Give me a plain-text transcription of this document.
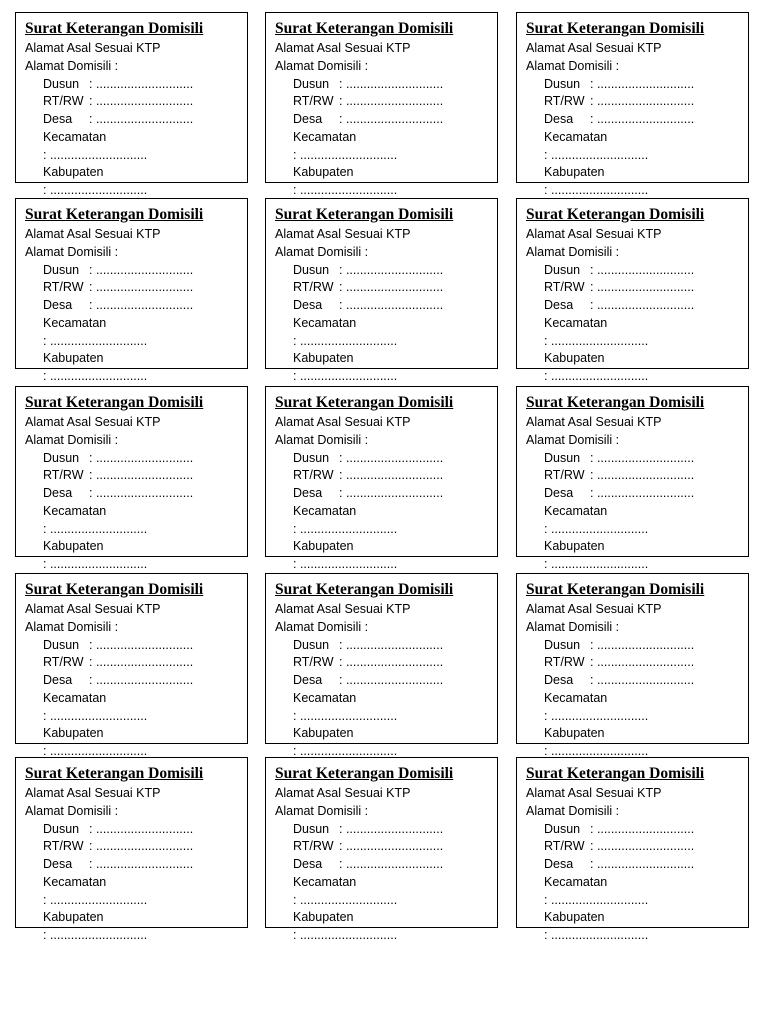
Surat Keterangan Domisili
Alamat Asal Sesuai KTP
Alamat Domisili :
Dusun : ............................
RT/RW : ............................
Desa : ............................
Kecamatan
: ............................
Kabupaten
: ............................
Surat Keterangan Domisili
Alamat Asal Sesuai KTP
Alamat Domisili :
Dusun : ............................
RT/RW : ............................
Desa : ............................
Kecamatan
: ............................
Kabupaten
: ............................
Surat Keterangan Domisili
Alamat Asal Sesuai KTP
Alamat Domisili :
Dusun : ............................
RT/RW : ............................
Desa : ............................
Kecamatan
: ............................
Kabupaten
: ............................
Surat Keterangan Domisili
Alamat Asal Sesuai KTP
Alamat Domisili :
Dusun : ............................
RT/RW : ............................
Desa : ............................
Kecamatan
: ............................
Kabupaten
: ............................
Surat Keterangan Domisili
Alamat Asal Sesuai KTP
Alamat Domisili :
Dusun : ............................
RT/RW : ............................
Desa : ............................
Kecamatan
: ............................
Kabupaten
: ............................
Surat Keterangan Domisili
Alamat Asal Sesuai KTP
Alamat Domisili :
Dusun : ............................
RT/RW : ............................
Desa : ............................
Kecamatan
: ............................
Kabupaten
: ............................
Surat Keterangan Domisili
Alamat Asal Sesuai KTP
Alamat Domisili :
Dusun : ............................
RT/RW : ............................
Desa : ............................
Kecamatan
: ............................
Kabupaten
: ............................
Surat Keterangan Domisili
Alamat Asal Sesuai KTP
Alamat Domisili :
Dusun : ............................
RT/RW : ............................
Desa : ............................
Kecamatan
: ............................
Kabupaten
: ............................
Surat Keterangan Domisili
Alamat Asal Sesuai KTP
Alamat Domisili :
Dusun : ............................
RT/RW : ............................
Desa : ............................
Kecamatan
: ............................
Kabupaten
: ............................
Surat Keterangan Domisili
Alamat Asal Sesuai KTP
Alamat Domisili :
Dusun : ............................
RT/RW : ............................
Desa : ............................
Kecamatan
: ............................
Kabupaten
: ............................
Surat Keterangan Domisili
Alamat Asal Sesuai KTP
Alamat Domisili :
Dusun : ............................
RT/RW : ............................
Desa : ............................
Kecamatan
: ............................
Kabupaten
: ............................
Surat Keterangan Domisili
Alamat Asal Sesuai KTP
Alamat Domisili :
Dusun : ............................
RT/RW : ............................
Desa : ............................
Kecamatan
: ............................
Kabupaten
: ............................
Surat Keterangan Domisili
Alamat Asal Sesuai KTP
Alamat Domisili :
Dusun : ............................
RT/RW : ............................
Desa : ............................
Kecamatan
: ............................
Kabupaten
: ............................
Surat Keterangan Domisili
Alamat Asal Sesuai KTP
Alamat Domisili :
Dusun : ............................
RT/RW : ............................
Desa : ............................
Kecamatan
: ............................
Kabupaten
: ............................
Surat Keterangan Domisili
Alamat Asal Sesuai KTP
Alamat Domisili :
Dusun : ............................
RT/RW : ............................
Desa : ............................
Kecamatan
: ............................
Kabupaten
: ............................
